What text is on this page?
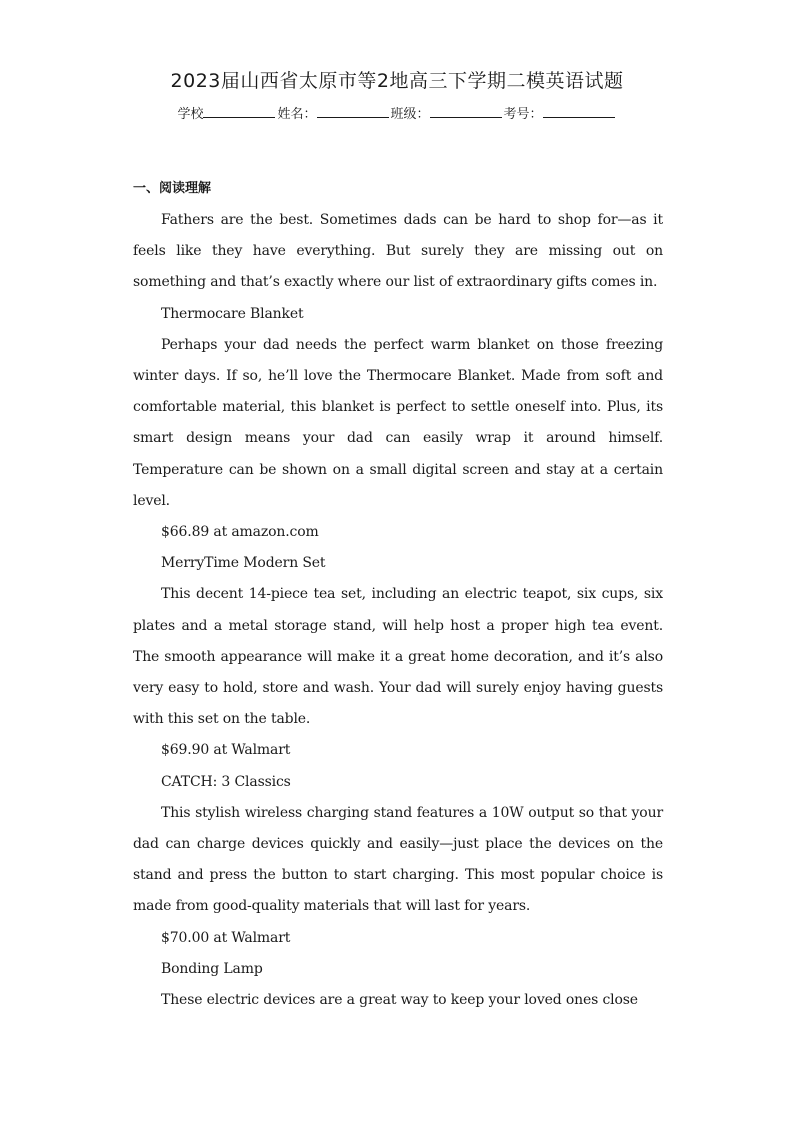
2023届山西省太原市等2地高三下学期二模英语试题
学校	姓名：	班级：	考号：
一、阅读理解

Fathers are the best. Sometimes dads can be hard to shop for—as it feels like they have everything. But surely they are missing out on something and that’s exactly where our list of extraordinary gifts comes in.

Thermocare Blanket

Perhaps your dad needs the perfect warm blanket on those freezing winter days. If so, he’ll love the Thermocare Blanket. Made from soft and comfortable material, this blanket is perfect to settle oneself into. Plus, its smart design means your dad can easily wrap it around himself. Temperature can be shown on a small digital screen and stay at a certain level.

$66.89 at amazon.com

MerryTime Modern Set

This decent 14-piece tea set, including an electric teapot, six cups, six plates and a metal storage stand, will help host a proper high tea event. The smooth appearance will make it a great home decoration, and it’s also very easy to hold, store and wash. Your dad will surely enjoy having guests with this set on the table.

$69.90 at Walmart

CATCH: 3 Classics

This stylish wireless charging stand features a 10W output so that your dad can charge devices quickly and easily—just place the devices on the stand and press the button to start charging. This most popular choice is made from good-quality materials that will last for years.

$70.00 at Walmart

Bonding Lamp

These electric devices are a great way to keep your loved ones close
